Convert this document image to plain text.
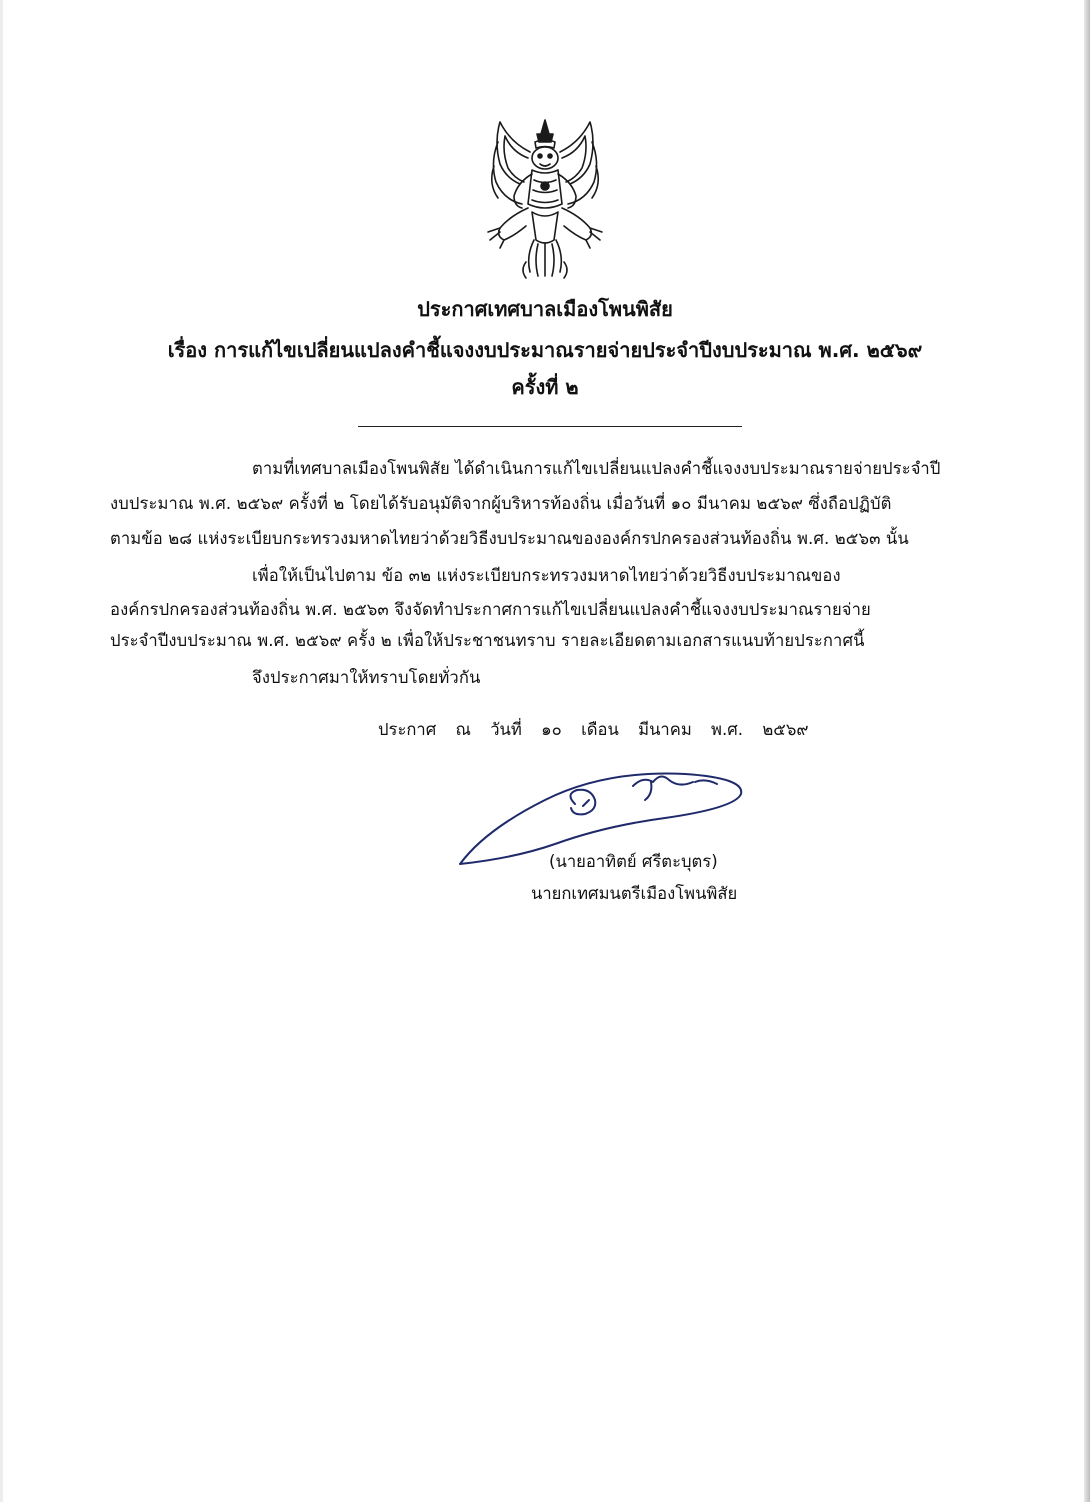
ประกาศเทศบาลเมืองโพนพิสัย
เรื่อง การแก้ไขเปลี่ยนแปลงคำชี้แจงงบประมาณรายจ่ายประจำปีงบประมาณ พ.ศ. ๒๕๖๙
ครั้งที่ ๒
ตามที่เทศบาลเมืองโพนพิสัย ได้ดำเนินการแก้ไขเปลี่ยนแปลงคำชี้แจงงบประมาณรายจ่ายประจำปี
งบประมาณ พ.ศ. ๒๕๖๙ ครั้งที่ ๒ โดยได้รับอนุมัติจากผู้บริหารท้องถิ่น เมื่อวันที่ ๑๐ มีนาคม ๒๕๖๙ ซึ่งถือปฏิบัติ
ตามข้อ ๒๘ แห่งระเบียบกระทรวงมหาดไทยว่าด้วยวิธีงบประมาณขององค์กรปกครองส่วนท้องถิ่น พ.ศ. ๒๕๖๓ นั้น
เพื่อให้เป็นไปตาม ข้อ ๓๒ แห่งระเบียบกระทรวงมหาดไทยว่าด้วยวิธีงบประมาณของ
องค์กรปกครองส่วนท้องถิ่น พ.ศ. ๒๕๖๓ จึงจัดทำประกาศการแก้ไขเปลี่ยนแปลงคำชี้แจงงบประมาณรายจ่าย
ประจำปีงบประมาณ พ.ศ. ๒๕๖๙ ครั้ง ๒ เพื่อให้ประชาชนทราบ รายละเอียดตามเอกสารแนบท้ายประกาศนี้
จึงประกาศมาให้ทราบโดยทั่วกัน
ประกาศ ณ วันที่ ๑๐ เดือน มีนาคม พ.ศ. ๒๕๖๙
(นายอาทิตย์ ศรีตะบุตร)
นายกเทศมนตรีเมืองโพนพิสัย
